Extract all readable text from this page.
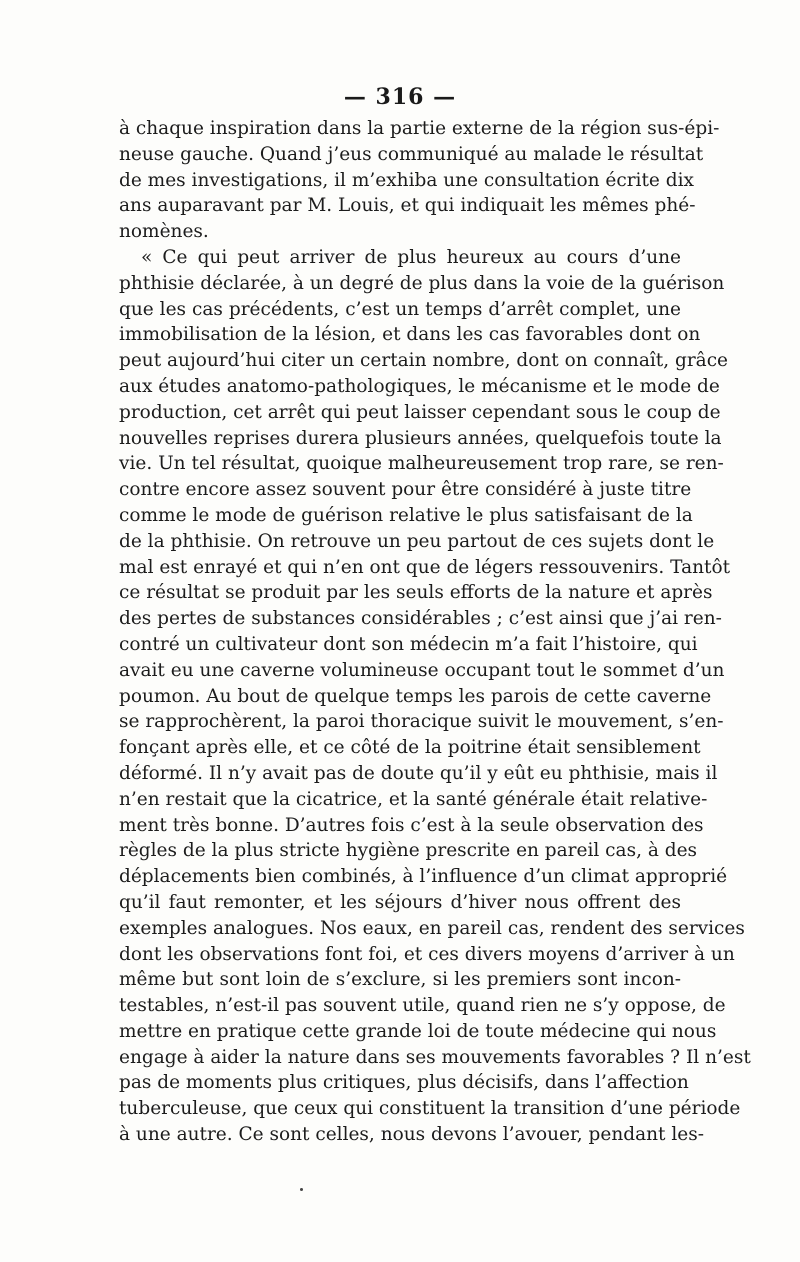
— 316 —
à chaque inspiration dans la partie externe de la région sus-épi-
neuse gauche. Quand j’eus communiqué au malade le résultat
de mes investigations, il m’exhiba une consultation écrite dix
ans auparavant par M. Louis, et qui indiquait les mêmes phé-
nomènes.
« Ce qui peut arriver de plus heureux au cours d’une
phthisie déclarée, à un degré de plus dans la voie de la guérison
que les cas précédents, c’est un temps d’arrêt complet, une
immobilisation de la lésion, et dans les cas favorables dont on
peut aujourd’hui citer un certain nombre, dont on connaît, grâce
aux études anatomo-pathologiques, le mécanisme et le mode de
production, cet arrêt qui peut laisser cependant sous le coup de
nouvelles reprises durera plusieurs années, quelquefois toute la
vie. Un tel résultat, quoique malheureusement trop rare, se ren-
contre encore assez souvent pour être considéré à juste titre
comme le mode de guérison relative le plus satisfaisant de la
de la phthisie. On retrouve un peu partout de ces sujets dont le
mal est enrayé et qui n’en ont que de légers ressouvenirs. Tantôt
ce résultat se produit par les seuls efforts de la nature et après
des pertes de substances considérables ; c’est ainsi que j’ai ren-
contré un cultivateur dont son médecin m’a fait l’histoire, qui
avait eu une caverne volumineuse occupant tout le sommet d’un
poumon. Au bout de quelque temps les parois de cette caverne
se rapprochèrent, la paroi thoracique suivit le mouvement, s’en-
fonçant après elle, et ce côté de la poitrine était sensiblement
déformé. Il n’y avait pas de doute qu’il y eût eu phthisie, mais il
n’en restait que la cicatrice, et la santé générale était relative-
ment très bonne. D’autres fois c’est à la seule observation des
règles de la plus stricte hygiène prescrite en pareil cas, à des
déplacements bien combinés, à l’influence d’un climat approprié
qu’il faut remonter, et les séjours d’hiver nous offrent des
exemples analogues. Nos eaux, en pareil cas, rendent des services
dont les observations font foi, et ces divers moyens d’arriver à un
même but sont loin de s’exclure, si les premiers sont incon-
testables, n’est-il pas souvent utile, quand rien ne s’y oppose, de
mettre en pratique cette grande loi de toute médecine qui nous
engage à aider la nature dans ses mouvements favorables ? Il n’est
pas de moments plus critiques, plus décisifs, dans l’affection
tuberculeuse, que ceux qui constituent la transition d’une période
à une autre. Ce sont celles, nous devons l’avouer, pendant les-
